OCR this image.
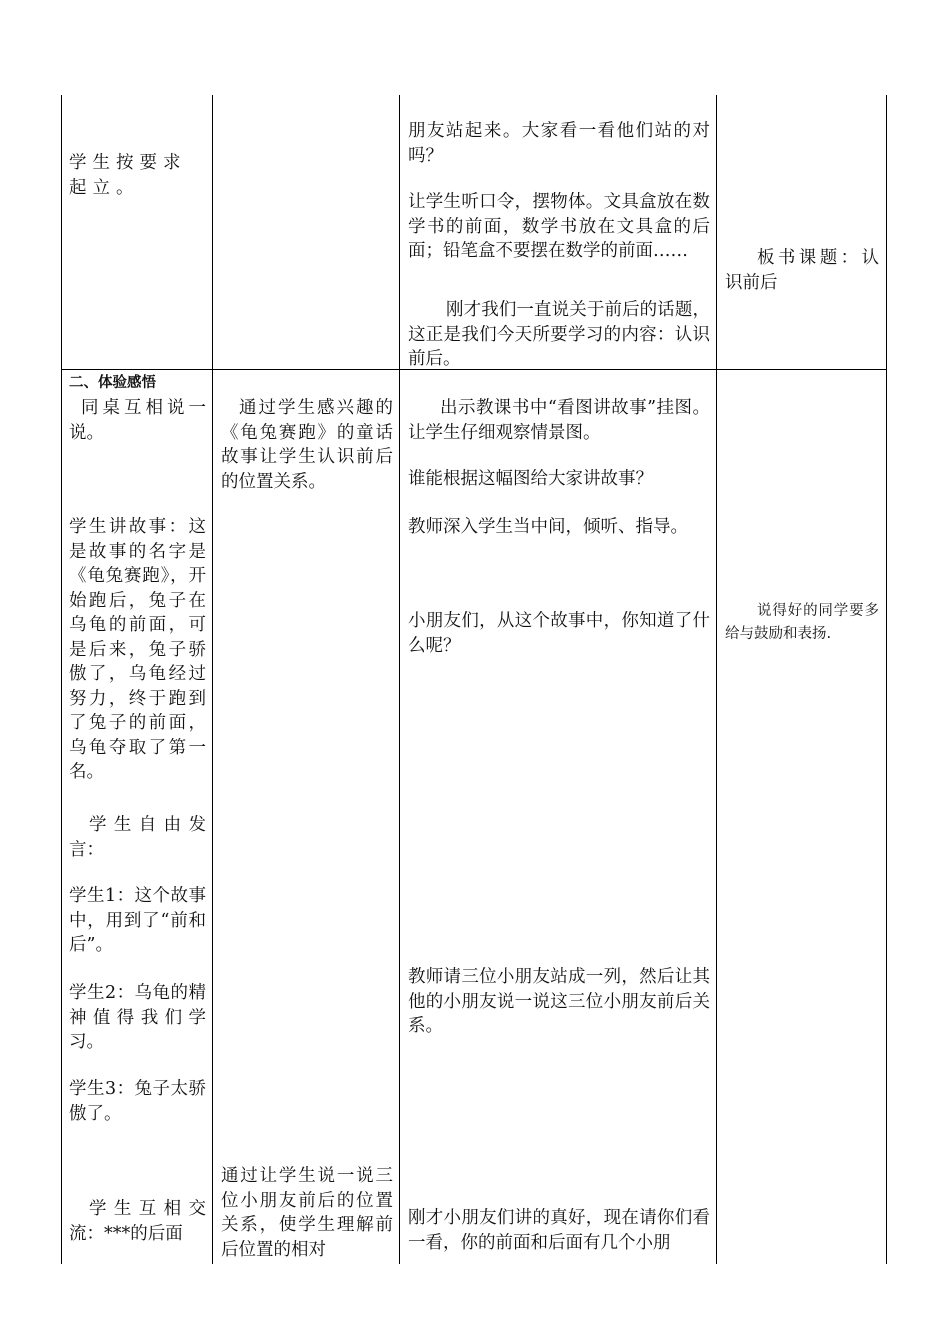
学生按要求起立。
朋友站起来。大家看一看他们站的对吗？
让学生听口令，摆物体。文具盒放在数学书的前面，数学书放在文具盒的后面；铅笔盒不要摆在数学的前面……
刚才我们一直说关于前后的话题，这正是我们今天所要学习的内容：认识前后。
板书课题：认识前后
二、体验感悟
同桌互相说一说。
学生讲故事：这是故事的名字是《龟兔赛跑》，开始跑后，兔子在乌龟的前面，可是后来，兔子骄傲了，乌龟经过努力，终于跑到了兔子的前面，乌龟夺取了第一名。
学生自由发言：
学生1：这个故事中，用到了“前和后”。
学生2：乌龟的精神值得我们学习。
学生3：兔子太骄傲了。
学生互相交流：***的后面
通过学生感兴趣的《龟兔赛跑》的童话故事让学生认识前后的位置关系。
通过让学生说一说三位小朋友前后的位置关系，使学生理解前后位置的相对
出示教课书中“看图讲故事”挂图。让学生仔细观察情景图。
谁能根据这幅图给大家讲故事？
教师深入学生当中间，倾听、指导。
小朋友们，从这个故事中，你知道了什么呢？
教师请三位小朋友站成一列，然后让其他的小朋友说一说这三位小朋友前后关系。
刚才小朋友们讲的真好，现在请你们看一看，你的前面和后面有几个小朋
说得好的同学要多给与鼓励和表扬.
